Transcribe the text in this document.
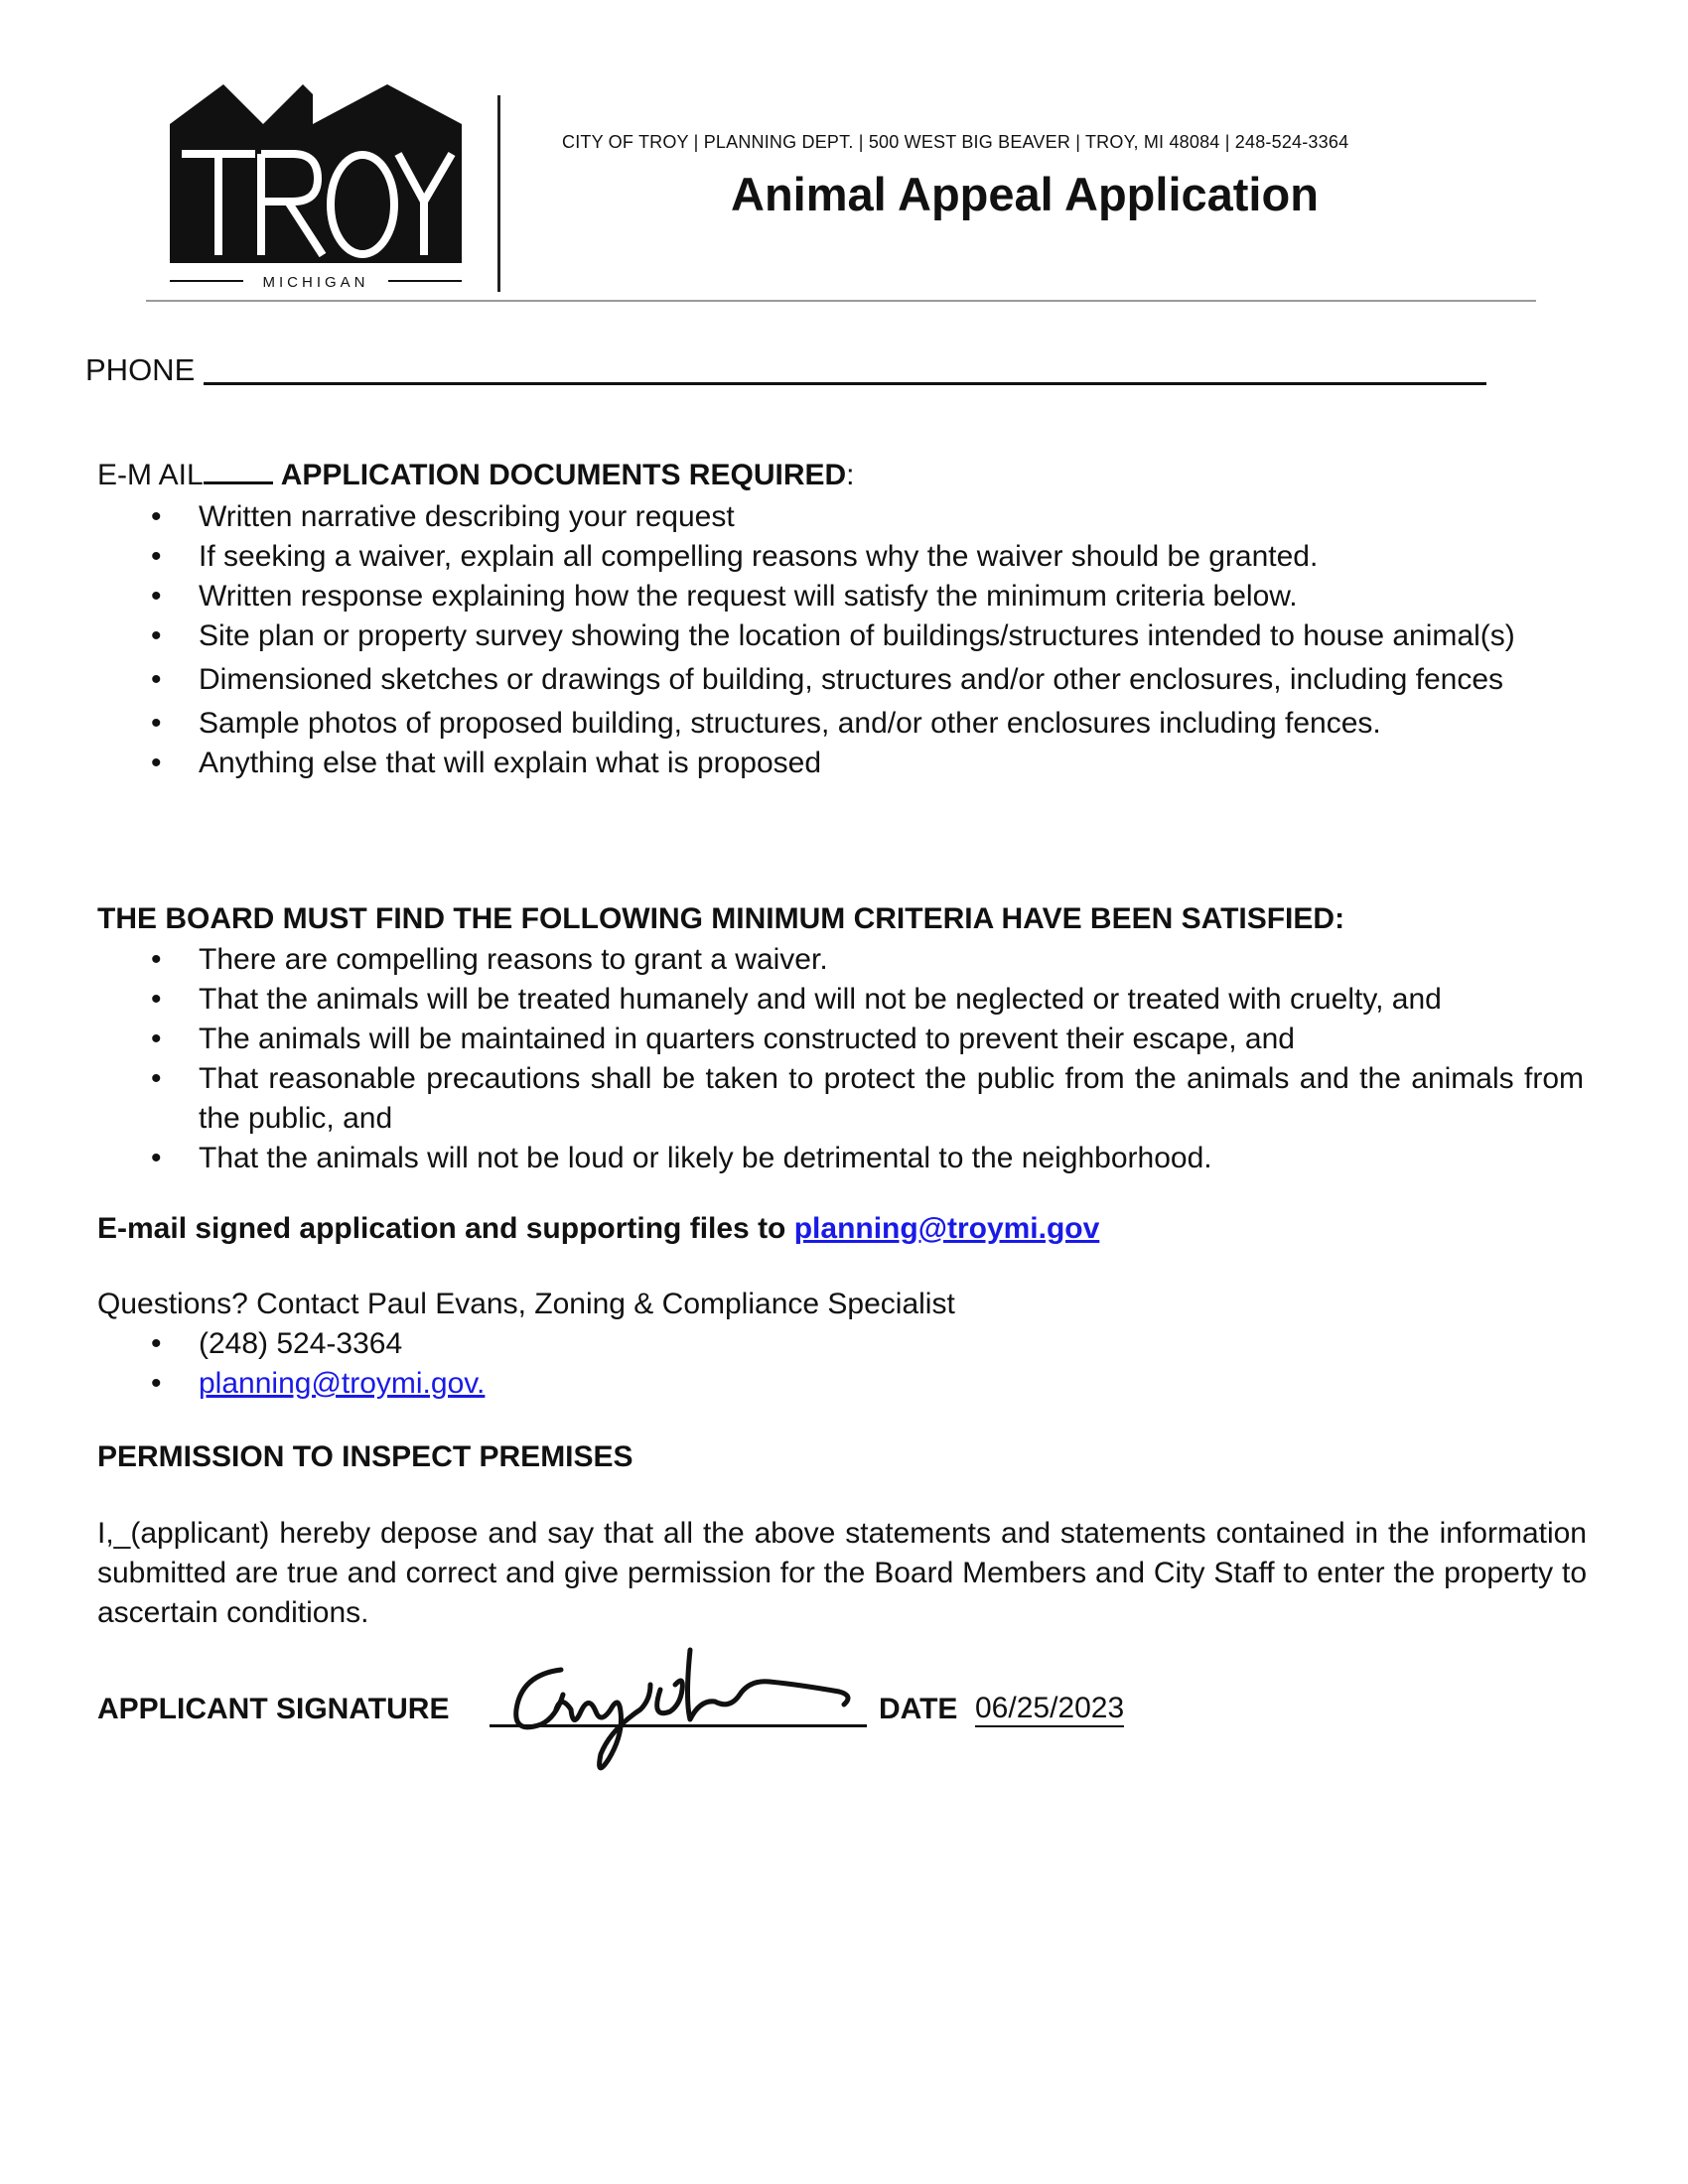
MICHIGAN
CITY OF TROY | PLANNING DEPT. | 500 WEST BIG BEAVER | TROY, MI 48084 | 248-524-3364
Animal Appeal Application
PHONE
E-M AIL	APPLICATION DOCUMENTS REQUIRED:
• Written narrative describing your request
• If seeking a waiver, explain all compelling reasons why the waiver should be granted.
• Written response explaining how the request will satisfy the minimum criteria below.
• Site plan or property survey showing the location of buildings/structures intended to house animal(s)
• Dimensioned sketches or drawings of building, structures and/or other enclosures, including fences
• Sample photos of proposed building, structures, and/or other enclosures including fences.
• Anything else that will explain what is proposed
THE BOARD MUST FIND THE FOLLOWING MINIMUM CRITERIA HAVE BEEN SATISFIED:
• There are compelling reasons to grant a waiver.
• That the animals will be treated humanely and will not be neglected or treated with cruelty, and
• The animals will be maintained in quarters constructed to prevent their escape, and
• That reasonable precautions shall be taken to protect the public from the animals and the animals from the public, and
• That the animals will not be loud or likely be detrimental to the neighborhood.
E-mail signed application and supporting files to planning@troymi.gov
Questions? Contact Paul Evans, Zoning & Compliance Specialist
• (248) 524-3364
• planning@troymi.gov.
PERMISSION TO INSPECT PREMISES
I,_(applicant) hereby depose and say that all the above statements and statements contained in the information submitted are true and correct and give permission for the Board Members and City Staff to enter the property to ascertain conditions.
APPLICANT SIGNATURE	DATE 06/25/2023
